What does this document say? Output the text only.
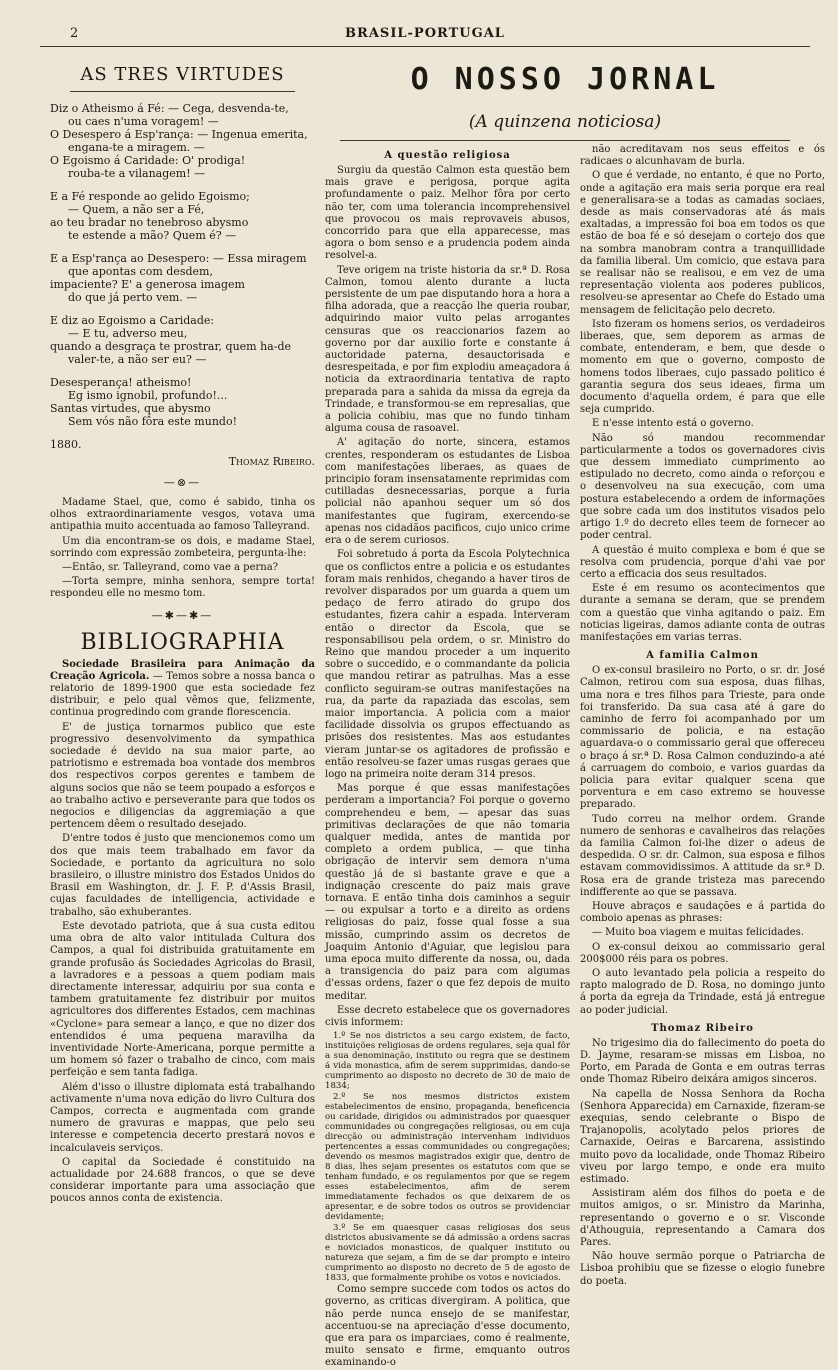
2	BRASIL-PORTUGAL
O NOSSO JORNAL
(A quinzena noticiosa)
AS TRES VIRTUDES
Diz o Atheismo á Fé: — Cega, desvenda-te,
ou caes n'uma voragem! —
O Desespero á Esp'rança: — Ingenua emerita,
engana-te a miragem. —
O Egoismo á Caridade: O' prodiga!
rouba-te a vilanagem! —
E a Fé responde ao gelido Egoismo;
— Quem, a não ser a Fé,
ao teu bradar no tenebroso abysmo
te estende a mão? Quem é? —
E a Esp'rança ao Desespero: — Essa miragem
que apontas com desdem,
impaciente? E' a generosa imagem
do que já perto vem. —
E diz ao Egoismo a Caridade:
— E tu, adverso meu,
quando a desgraça te prostrar, quem ha-de
valer-te, a não ser eu? —
Desesperança! atheismo!
Eg ismo ignobil, profundo!...
Santas virtudes, que abysmo
Sem vós não fôra este mundo!
1880.
Thomaz Ribeiro.
—⊗—

Madame Stael, que, como é sabido, tinha os olhos extraordinariamente vesgos, votava uma antipathia muito accentuada ao famoso Talleyrand.

Um dia encontram-se os dois, e madame Stael, sorrindo com expressão zombeteira, pergunta-lhe:

—Então, sr. Talleyrand, como vae a perna?

—Torta sempre, minha senhora, sempre torta! respondeu elle no mesmo tom.

—✱—✱—
BIBLIOGRAPHIA

Sociedade Brasileira para Animação da Creação Agricola. — Temos sobre a nossa banca o relatorio de 1899-1900 que esta sociedade fez distribuir, e pelo qual vêmos que, felizmente, continua progredindo com grande florescencia.

E' de justiça tornarmos publico que este progressivo desenvolvimento da sympathica sociedade é devido na sua maior parte, ao patriotismo e estremada boa vontade dos membros dos respectivos corpos gerentes e tambem de alguns socios que não se teem poupado a esforços e ao trabalho activo e perseverante para que todos os negocios e diligencias da aggremiação a que pertencem dêem o resultado desejado.

D'entre todos é justo que mencionemos como um dos que mais teem trabalhado em favor da Sociedade, e portanto da agricultura no solo brasileiro, o illustre ministro dos Estados Unidos do Brasil em Washington, dr. J. F. P. d'Assis Brasil, cujas faculdades de intelligencia, actividade e trabalho, são exhuberantes.

Este devotado patriota, que á sua custa editou uma obra de alto valor intitulada Cultura dos Campos, a qual foi distribuida gratuitamente em grande profusão ás Sociedades Agricolas do Brasil, a lavradores e a pessoas a quem podiam mais directamente interessar, adquiriu por sua conta e tambem gratuitamente fez distribuir por muitos agricultores dos differentes Estados, cem machinas «Cyclone» para semear a lanço, e que no dizer dos entendidos é uma pequena maravilha da inventividade Norte-Americana, porque permitte a um homem só fazer o trabalho de cinco, com mais perfeição e sem tanta fadiga.

Além d'isso o illustre diplomata está trabalhando activamente n'uma nova edição do livro Cultura dos Campos, correcta e augmentada com grande numero de gravuras e mappas, que pelo seu interesse e competencia decerto prestará novos e incalculaveis serviços.

O capital da Sociedade é constituido na actualidade por 24.688 francos, o que se deve considerar importante para uma associação que poucos annos conta de existencia.

A questão religiosa

Surgiu da questão Calmon esta questão bem mais grave e perigosa, porque agita profundamente o paiz. Melhor fôra por certo não ter, com uma tolerancia incomprehensivel que provocou os mais reprovaveis abusos, concorrido para que ella apparecesse, mas agora o bom senso e a prudencia podem ainda resolvel-a.

Teve origem na triste historia da sr.ª D. Rosa Calmon, tomou alento durante a lucta persistente de um pae disputando hora a hora a filha adorada, que a reacção lhe queria roubar, adquirindo maior vulto pelas arrogantes censuras que os reaccionarios fazem ao governo por dar auxilio forte e constante á auctoridade paterna, desauctorisada e desrespeitada, e por fim explodiu ameaçadora á noticia da extraordinaria tentativa de rapto preparada para a sahida da missa da egreja da Trindade, e transformou-se em represalias, que a policia cohibiu, mas que no fundo tinham alguma cousa de rasoavel.

A' agitação do norte, sincera, estamos crentes, responderam os estudantes de Lisboa com manifestações liberaes, as quaes de principio foram insensatamente reprimidas com cutilladas desnecessarias, porque a furia policial não apanhou sequer um só dos manifestantes que fugiram, exercendo-se apenas nos cidadãos pacificos, cujo unico crime era o de serem curiosos.

Foi sobretudo á porta da Escola Polytechnica que os conflictos entre a policia e os estudantes foram mais renhidos, chegando a haver tiros de revolver disparados por um guarda a quem um pedaço de ferro atirado do grupo dos estudantes, fizera cahir a espada. Interveram então o director da Escola, que se responsabilisou pela ordem, o sr. Ministro do Reino que mandou proceder a um inquerito sobre o succedido, e o commandante da policia que mandou retirar as patrulhas. Mas a esse conflicto seguiram-se outras manifestações na rua, da parte da rapaziada das escolas, sem maior importancia. A policia com a maior facilidade dissolvia os grupos effectuando as prisões dos resistentes. Mas aos estudantes vieram juntar-se os agitadores de profissão e então resolveu-se fazer umas rusgas geraes que logo na primeira noite deram 314 presos.

Mas porque é que essas manifestações perderam a importancia? Foi porque o governo comprehendeu e bem, — apesar das suas primitivas declarações de que não tomaria qualquer medida, antes de mantida por completo a ordem publica, — que tinha obrigação de intervir sem demora n'uma questão já de si bastante grave e que a indignação crescente do paiz mais grave tornava. E então tinha dois caminhos a seguir — ou expulsar a torto e a direito as ordens religiosas do paiz, fosse qual fosse a sua missão, cumprindo assim os decretos de Joaquim Antonio d'Aguiar, que legislou para uma epoca muito differente da nossa, ou, dada a transigencia do paiz para com algumas d'essas ordens, fazer o que fez depois de muito meditar.

Esse decreto estabelece que os governadores civis informem:

1.º Se nos districtos a seu cargo existem, de facto, instituições religiosas de ordens regulares, seja qual fôr a sua denominação, instituto ou regra que se destinem á vida monastica, afim de serem supprimidas, dando-se cumprimento ao disposto no decreto de 30 de maio de 1834;

2.º Se nos mesmos districtos existem estabelecimentos de ensino, propaganda, beneficencia ou caridade, dirigidos ou administrados por quaesquer communidades ou congregações religiosas, ou em cuja direcção ou administração intervenham individuos pertencentes a essas communidades ou congregações; devendo os mesmos magistrados exigir que, dentro de 8 dias, lhes sejam presentes os estatutos com que se tenham fundado, e os regulamentos por que se regem esses estabelecimentos, afim de serem immediatamente fechados os que deixarem de os apresentar, e de sobre todos os outros se providenciar devidamente;

3.º Se em quaesquer casas religiosas dos seus districtos abusivamente se dá admissão a ordens sacras e noviciados monasticos, de qualquer instituto ou natureza que sejam, a fim de se dar prompto e inteiro cumprimento ao disposto no decreto de 5 de agosto de 1833, que formalmente prohibe os votos e noviciados.

Como sempre succede com todos os actos do governo, as criticas divergiram. A politica, que não perde nunca ensejo de se manifestar, accentuou-se na apreciação d'esse documento, que era para os imparciaes, como é realmente, muito sensato e firme, emquanto outros examinando-o

não acreditavam nos seus effeitos e ós radicaes o alcunhavam de burla.

O que é verdade, no entanto, é que no Porto, onde a agitação era mais seria porque era real e generalisara-se a todas as camadas sociaes, desde as mais conservadoras até ás mais exaltadas, a impressão foi boa em todos os que estão de boa fé e só desejam o cortejo dos que na sombra manobram contra a tranquillidade da familia liberal. Um comicio, que estava para se realisar não se realisou, e em vez de uma representação violenta aos poderes publicos, resolveu-se apresentar ao Chefe do Estado uma mensagem de felicitação pelo decreto.

Isto fizeram os homens serios, os verdadeiros liberaes, que, sem deporem as armas de combate, entenderam, e bem, que desde o momento em que o governo, composto de homens todos liberaes, cujo passado politico é garantia segura dos seus ideaes, firma um documento d'aquella ordem, é para que elle seja cumprido.

E n'esse intento está o governo.

Não só mandou recommendar particularmente a todos os governadores civis que dessem immediato cumprimento ao estipulado no decreto, como ainda o reforçou e o desenvolveu na sua execução, com uma postura estabelecendo a ordem de informações que sobre cada um dos institutos visados pelo artigo 1.º do decreto elles teem de fornecer ao poder central.

A questão é muito complexa e bom é que se resolva com prudencia, porque d'ahi vae por certo a efficacia dos seus resultados.

Este é em resumo os acontecimentos que durante a semana se deram, que se prendem com a questão que vinha agitando o paiz. Em noticias ligeiras, damos adiante conta de outras manifestações em varias terras.

A familia Calmon

O ex-consul brasileiro no Porto, o sr. dr. José Calmon, retirou com sua esposa, duas filhas, uma nora e tres filhos para Trieste, para onde foi transferido. Da sua casa até á gare do caminho de ferro foi acompanhado por um commissario de policia, e na estação aguardava-o o commissario geral que offereceu o braço á sr.ª D. Rosa Calmon conduzindo-a até á carruagem do comboio, e varios guardas da policia para evitar qualquer scena que porventura e em caso extremo se houvesse preparado.

Tudo correu na melhor ordem. Grande numero de senhoras e cavalheiros das relações da familia Calmon foi-lhe dizer o adeus de despedida. O sr. dr. Calmon, sua esposa e filhos estavam commovidissimos. A attitude da sr.ª D. Rosa era de grande tristeza mas parecendo indifferente ao que se passava.

Houve abraços e saudações e á partida do comboio apenas as phrases:

— Muito boa viagem e muitas felicidades.

O ex-consul deixou ao commissario geral 200$000 réis para os pobres.

O auto levantado pela policia a respeito do rapto malogrado de D. Rosa, no domingo junto á porta da egreja da Trindade, está já entregue ao poder judicial.

Thomaz Ribeiro

No trigesimo dia do fallecimento do poeta do D. Jayme, resaram-se missas em Lisboa, no Porto, em Parada de Gonta e em outras terras onde Thomaz Ribeiro deixára amigos sinceros.

Na capella de Nossa Senhora da Rocha (Senhora Apparecida) em Carnaxide, fizeram-se exequias, sendo celebrante o Bispo de Trajanopolis, acolytado pelos priores de Carnaxide, Oeiras e Barcarena, assistindo muito povo da localidade, onde Thomaz Ribeiro viveu por largo tempo, e onde era muito estimado.

Assistiram além dos filhos do poeta e de muitos amigos, o sr. Ministro da Marinha, representando o governo e o sr. Visconde d'Athouguia, representando a Camara dos Pares.

Não houve sermão porque o Patriarcha de Lisboa prohibiu que se fizesse o elogio funebre do poeta.
